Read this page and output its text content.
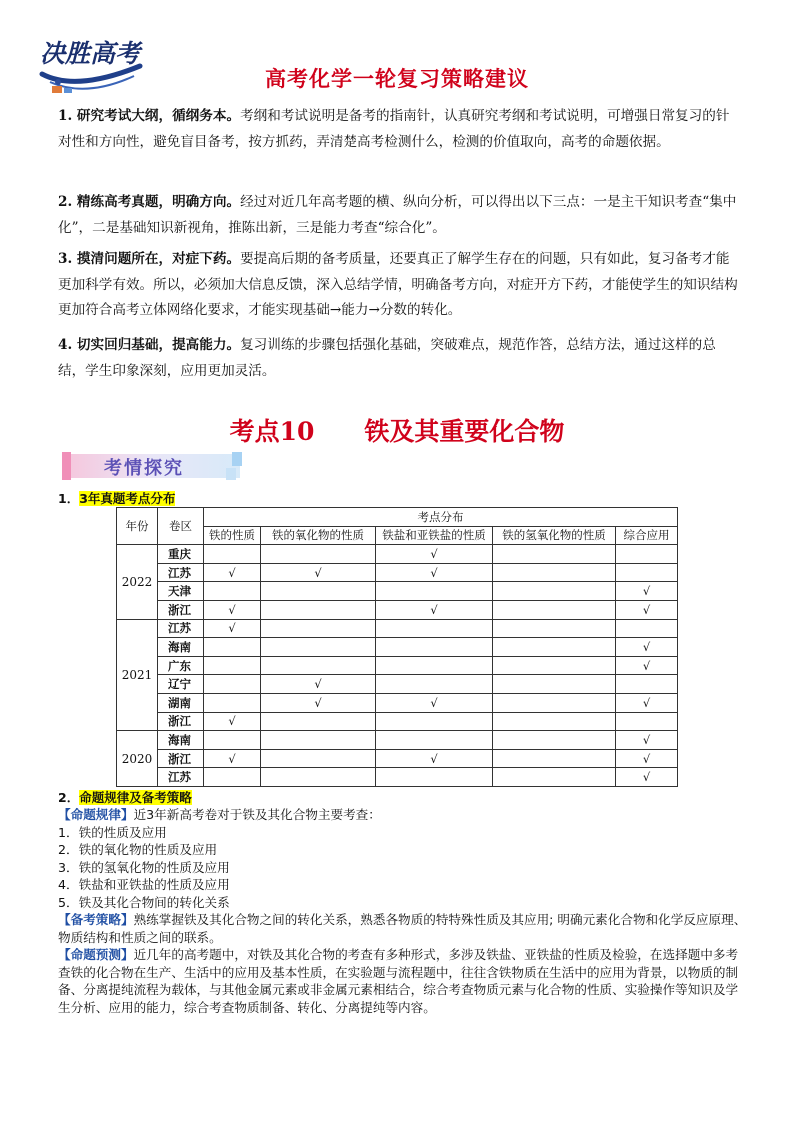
决胜高考
高考化学一轮复习策略建议
1. 研究考试大纲，循纲务本。考纲和考试说明是备考的指南针，认真研究考纲和考试说明，可增强日常复习的针对性和方向性，避免盲目备考，按方抓药，弄清楚高考检测什么，检测的价值取向，高考的命题依据。
2. 精练高考真题，明确方向。经过对近几年高考题的横、纵向分析，可以得出以下三点：一是主干知识考查“集中化”，二是基础知识新视角，推陈出新，三是能力考查“综合化”。
3. 摸清问题所在，对症下药。要提高后期的备考质量，还要真正了解学生存在的问题，只有如此，复习备考才能更加科学有效。所以，必须加大信息反馈，深入总结学情，明确备考方向，对症开方下药，才能使学生的知识结构更加符合高考立体网络化要求，才能实现基础→能力→分数的转化。
4. 切实回归基础，提高能力。复习训练的步骤包括强化基础，突破难点，规范作答，总结方法，通过这样的总结，学生印象深刻，应用更加灵活。
考点10 铁及其重要化合物
考情探究
1．3年真题考点分布
年份	卷区	考点分布				
		铁的性质	铁的氧化物的性质	铁盐和亚铁盐的性质	铁的氢氧化物的性质	综合应用
2022	重庆			√		
	江苏	√	√	√		
	天津					√
	浙江	√		√		√
2021	江苏	√				
	海南					√
	广东					√
	辽宁		√			
	湖南		√	√		√
	浙江	√				
2020	海南					√
	浙江	√		√		√
	江苏					√
2．命题规律及备考策略
【命题规律】近3年新高考卷对于铁及其化合物主要考查：
1．铁的性质及应用
2．铁的氧化物的性质及应用
3．铁的氢氧化物的性质及应用
4．铁盐和亚铁盐的性质及应用
5．铁及其化合物间的转化关系
【备考策略】熟练掌握铁及其化合物之间的转化关系，熟悉各物质的特特殊性质及其应用; 明确元素化合物和化学反应原理、物质结构和性质之间的联系。
【命题预测】近几年的高考题中，对铁及其化合物的考查有多种形式，多涉及铁盐、亚铁盐的性质及检验，在选择题中多考查铁的化合物在生产、生活中的应用及基本性质，在实验题与流程题中，往往含铁物质在生活中的应用为背景，以物质的制备、分离提纯流程为载体，与其他金属元素或非金属元素相结合，综合考查物质元素与化合物的性质、实验操作等知识及学生分析、应用的能力，综合考查物质制备、转化、分离提纯等内容。
